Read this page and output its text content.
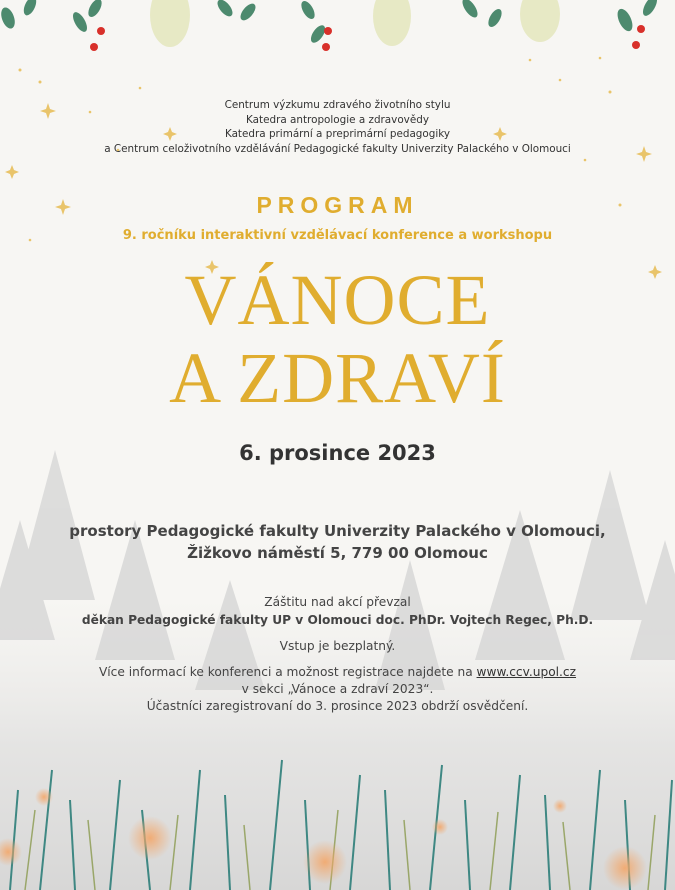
Centrum výzkumu zdravého životního stylu
Katedra antropologie a zdravovědy
Katedra primární a preprimární pedagogiky
a Centrum celoživotního vzdělávání Pedagogické fakulty Univerzity Palackého v Olomouci
PROGRAM
9. ročníku interaktivní vzdělávací konference a workshopu
VÁNOCE
A ZDRAVÍ
6. prosince 2023
prostory Pedagogické fakulty Univerzity Palackého v Olomouci,
Žižkovo náměstí 5, 779 00 Olomouc
Záštitu nad akcí převzal
děkan Pedagogické fakulty UP v Olomouci doc. PhDr. Vojtech Regec, Ph.D.
Vstup je bezplatný.
Více informací ke konferenci a možnost registrace najdete na www.ccv.upol.cz
v sekci „Vánoce a zdraví 2023“.
Účastníci zaregistrovaní do 3. prosince 2023 obdrží osvědčení.
